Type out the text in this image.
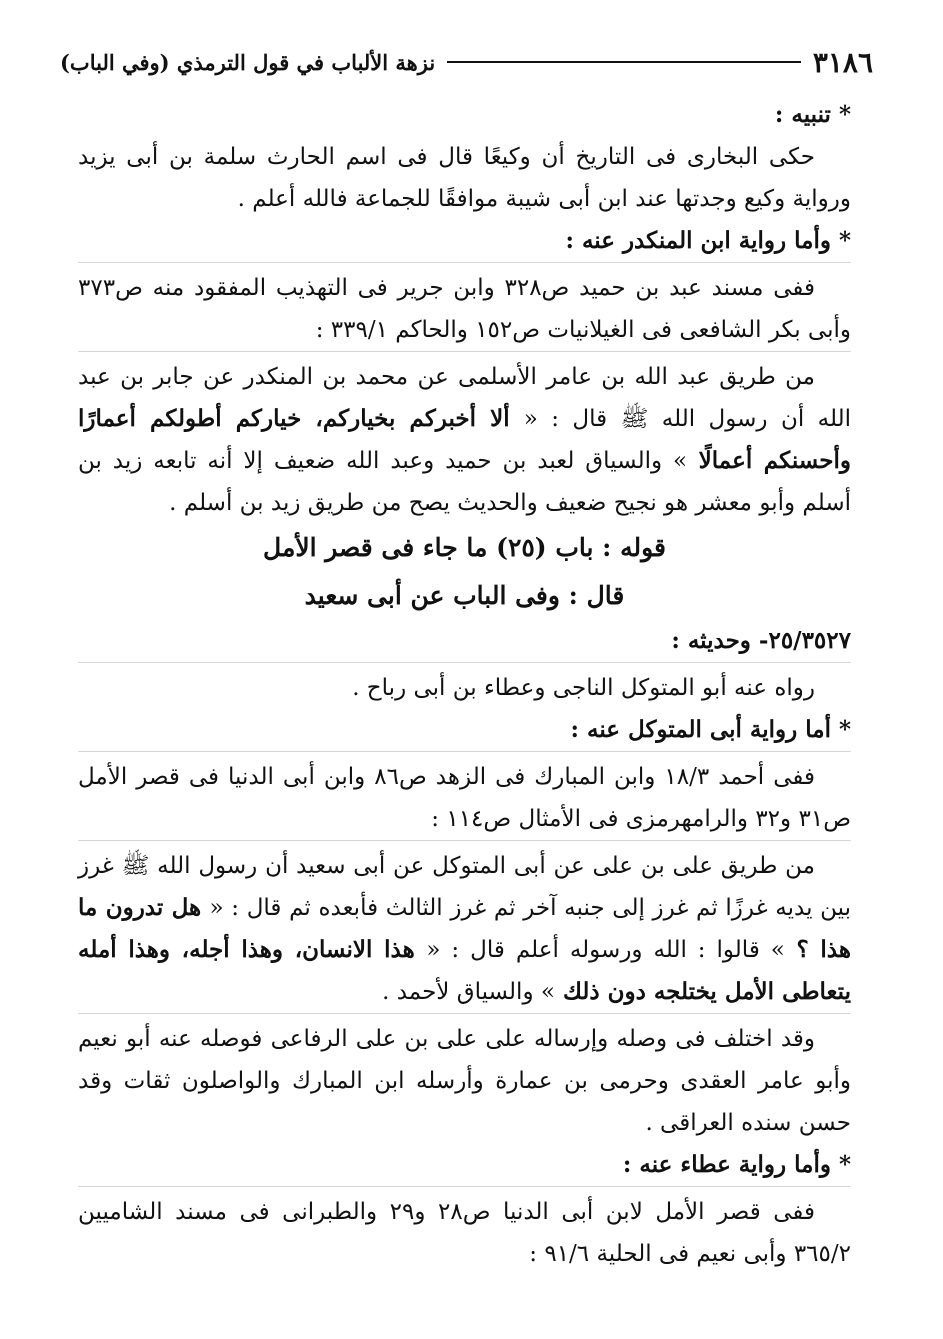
٣١٨٦
نزهة الألباب في قول الترمذي (وفي الباب)

* تنبيه :

حكى البخارى فى التاريخ أن وكيعًا قال فى اسم الحارث سلمة بن أبى يزيد ورواية وكيع وجدتها عند ابن أبى شيبة موافقًا للجماعة فالله أعلم .

* وأما رواية ابن المنكدر عنه :

ففى مسند عبد بن حميد ص٣٢٨ وابن جرير فى التهذيب المفقود منه ص٣٧٣ وأبى بكر الشافعى فى الغيلانيات ص١٥٢ والحاكم ٣٣٩/١ :

من طريق عبد الله بن عامر الأسلمى عن محمد بن المنكدر عن جابر بن عبد الله أن رسول الله ﷺ قال : « ألا أخبركم بخياركم، خياركم أطولكم أعمارًا وأحسنكم أعمالًا » والسياق لعبد بن حميد وعبد الله ضعيف إلا أنه تابعه زيد بن أسلم وأبو معشر هو نجيح ضعيف والحديث يصح من طريق زيد بن أسلم .

قوله : باب (٢٥) ما جاء فى قصر الأمل

قال : وفى الباب عن أبى سعيد

٢٥/٣٥٢٧- وحديثه :

رواه عنه أبو المتوكل الناجى وعطاء بن أبى رباح .

* أما رواية أبى المتوكل عنه :

ففى أحمد ١٨/٣ وابن المبارك فى الزهد ص٨٦ وابن أبى الدنيا فى قصر الأمل ص٣١ و٣٢ والرامهرمزى فى الأمثال ص١١٤ :

من طريق على بن على عن أبى المتوكل عن أبى سعيد أن رسول الله ﷺ غرز بين يديه غرزًا ثم غرز إلى جنبه آخر ثم غرز الثالث فأبعده ثم قال : « هل تدرون ما هذا ؟ » قالوا : الله ورسوله أعلم قال : « هذا الانسان، وهذا أجله، وهذا أمله يتعاطى الأمل يختلجه دون ذلك » والسياق لأحمد .

وقد اختلف فى وصله وإرساله على على بن على الرفاعى فوصله عنه أبو نعيم وأبو عامر العقدى وحرمى بن عمارة وأرسله ابن المبارك والواصلون ثقات وقد حسن سنده العراقى .

* وأما رواية عطاء عنه :

ففى قصر الأمل لابن أبى الدنيا ص٢٨ و٢٩ والطبرانى فى مسند الشاميين ٣٦٥/٢ وأبى نعيم فى الحلية ٩١/٦ :
